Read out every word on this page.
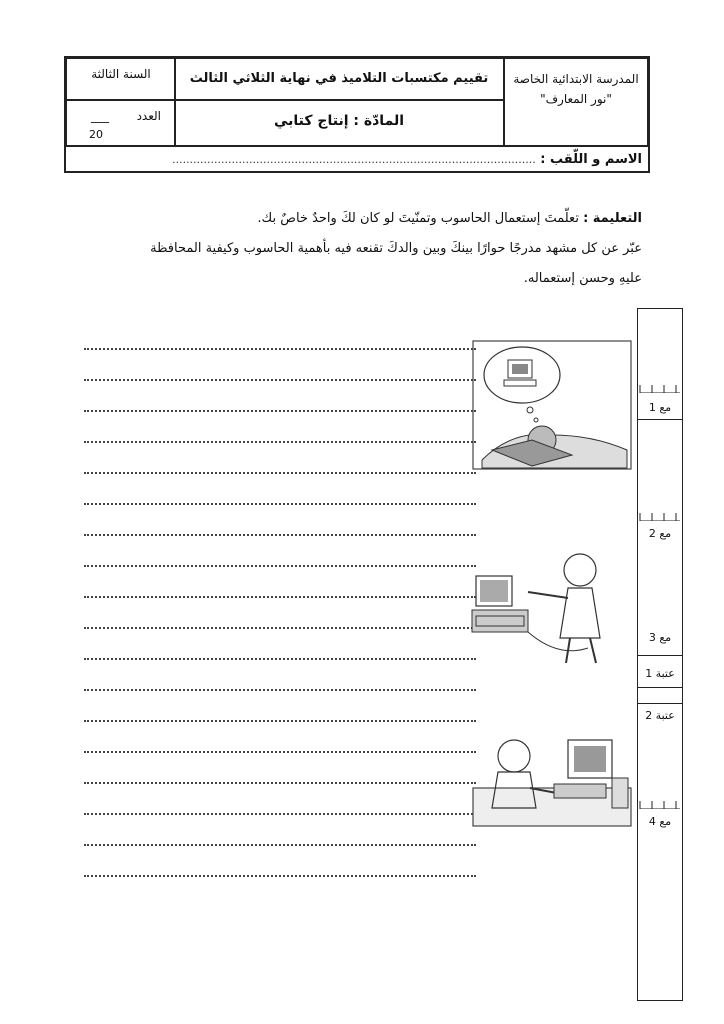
المدرسة الابتدائية الخاصة
"نور المعارف"
تقييم مكتسبات التلاميذ في نهاية الثلاثي الثالث
المادّة : إنتاج كتابي
السنة الثالثة
العدد
___
20
الاسم و اللّقب : ........................................................................................................
التعليمة : تعلّمتَ إستعمال الحاسوب وتمنّيتَ لو كان لكَ واحدٌ خاصٌ بك.
عبّر عن كل مشهد مدرجًا حوارًا بينكَ وبين والدكَ تقنعه فيه بأهمية الحاسوب وكيفية المحافظة
عليهِ وحسن إستعماله.
مع 1
مع 2
مع 3
عتبة 1
عتبة 2
مع 4
